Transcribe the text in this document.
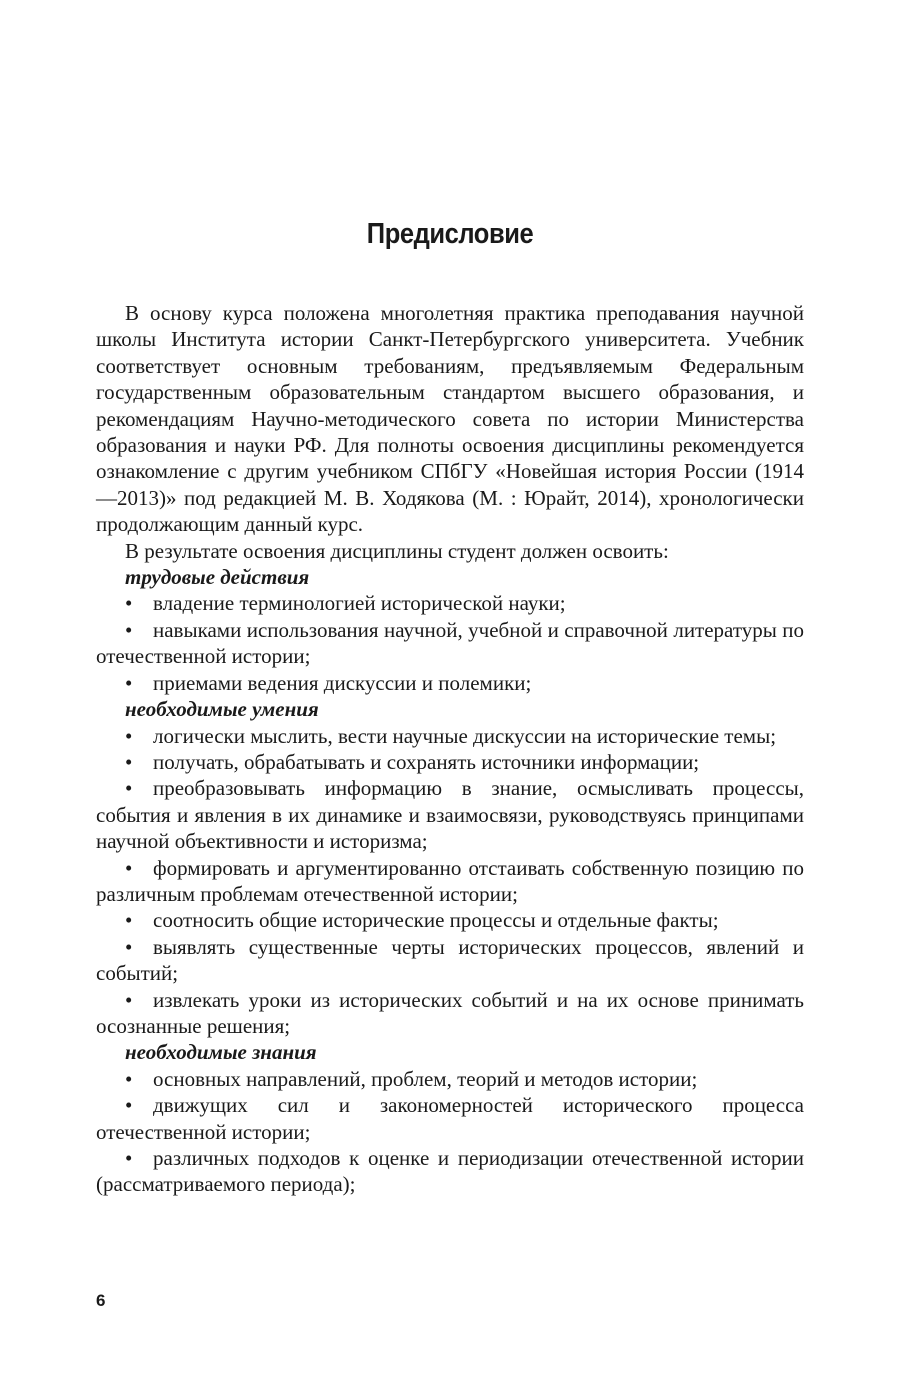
Предисловие

В основу курса положена многолетняя практика преподавания научной школы Института истории Санкт-Петербургского университета. Учебник соответствует основным требованиям, предъявляемым Федеральным государственным образовательным стандартом высшего образования, и рекомендациям Научно-методического совета по истории Министерства образования и науки РФ. Для полноты освоения дисциплины рекомендуется ознакомление с другим учебником СПбГУ «Новейшая история России (1914—2013)» под редакцией М. В. Ходякова (М. : Юрайт, 2014), хронологически продолжающим данный курс.

В результате освоения дисциплины студент должен освоить:

трудовые действия

• владение терминологией исторической науки;
• навыками использования научной, учебной и справочной литературы по отечественной истории;
• приемами ведения дискуссии и полемики;

необходимые умения

• логически мыслить, вести научные дискуссии на исторические темы;
• получать, обрабатывать и сохранять источники информации;
• преобразовывать информацию в знание, осмысливать процессы, события и явления в их динамике и взаимосвязи, руководствуясь принципами научной объективности и историзма;
• формировать и аргументированно отстаивать собственную позицию по различным проблемам отечественной истории;
• соотносить общие исторические процессы и отдельные факты;
• выявлять существенные черты исторических процессов, явлений и событий;
• извлекать уроки из исторических событий и на их основе принимать осознанные решения;

необходимые знания

• основных направлений, проблем, теорий и методов истории;
• движущих сил и закономерностей исторического процесса отечественной истории;
• различных подходов к оценке и периодизации отечественной истории (рассматриваемого периода);
6
